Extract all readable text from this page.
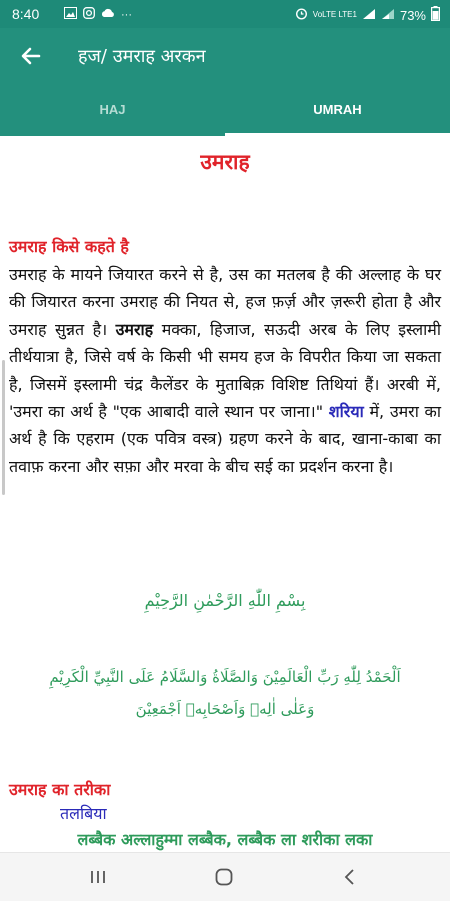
8:40	···	VoLTE LTE1	73%
हज/ उमराह अरकन
HAJ	UMRAH
उमराह
उमराह किसे कहते है
उमराह के मायने जियारत करने से है, उस का मतलब है की अल्लाह के घर की जियारत करना उमराह की नियत से, हज फ़र्ज़ और ज़रूरी होता है और उमराह सुन्नत है। उमराह मक्का, हिजाज, सऊदी अरब के लिए इस्लामी तीर्थयात्रा है, जिसे वर्ष के किसी भी समय हज के विपरीत किया जा सकता है, जिसमें इस्लामी चंद्र कैलेंडर के मुताबिक़ विशिष्ट तिथियां हैं। अरबी में, 'उमरा का अर्थ है "एक आबादी वाले स्थान पर जाना।" शरिया में, उमरा का अर्थ है कि एहराम (एक पवित्र वस्त्र) ग्रहण करने के बाद, खाना-काबा का तवाफ़ करना और सफ़ा और मरवा के बीच सई का प्रदर्शन करना है।
بِسْمِ اللّٰهِ الرَّحْمٰنِ الرَّحِيْمِ
اَلْحَمْدُ لِلّٰهِ رَبِّ الْعَالَمِيْنَ وَالصَّلَاةُ وَالسَّلَامُ عَلَى النَّبِيِّ الْكَرِيْمِ
وَعَلٰى اٰلِهٖ وَاَصْحَابِهٖ اَجْمَعِيْنَ
उमराह का तरीका
तलबिया
लब्बैक अल्लाहुम्मा लब्बैक, लब्बैक ला शरीका लका
